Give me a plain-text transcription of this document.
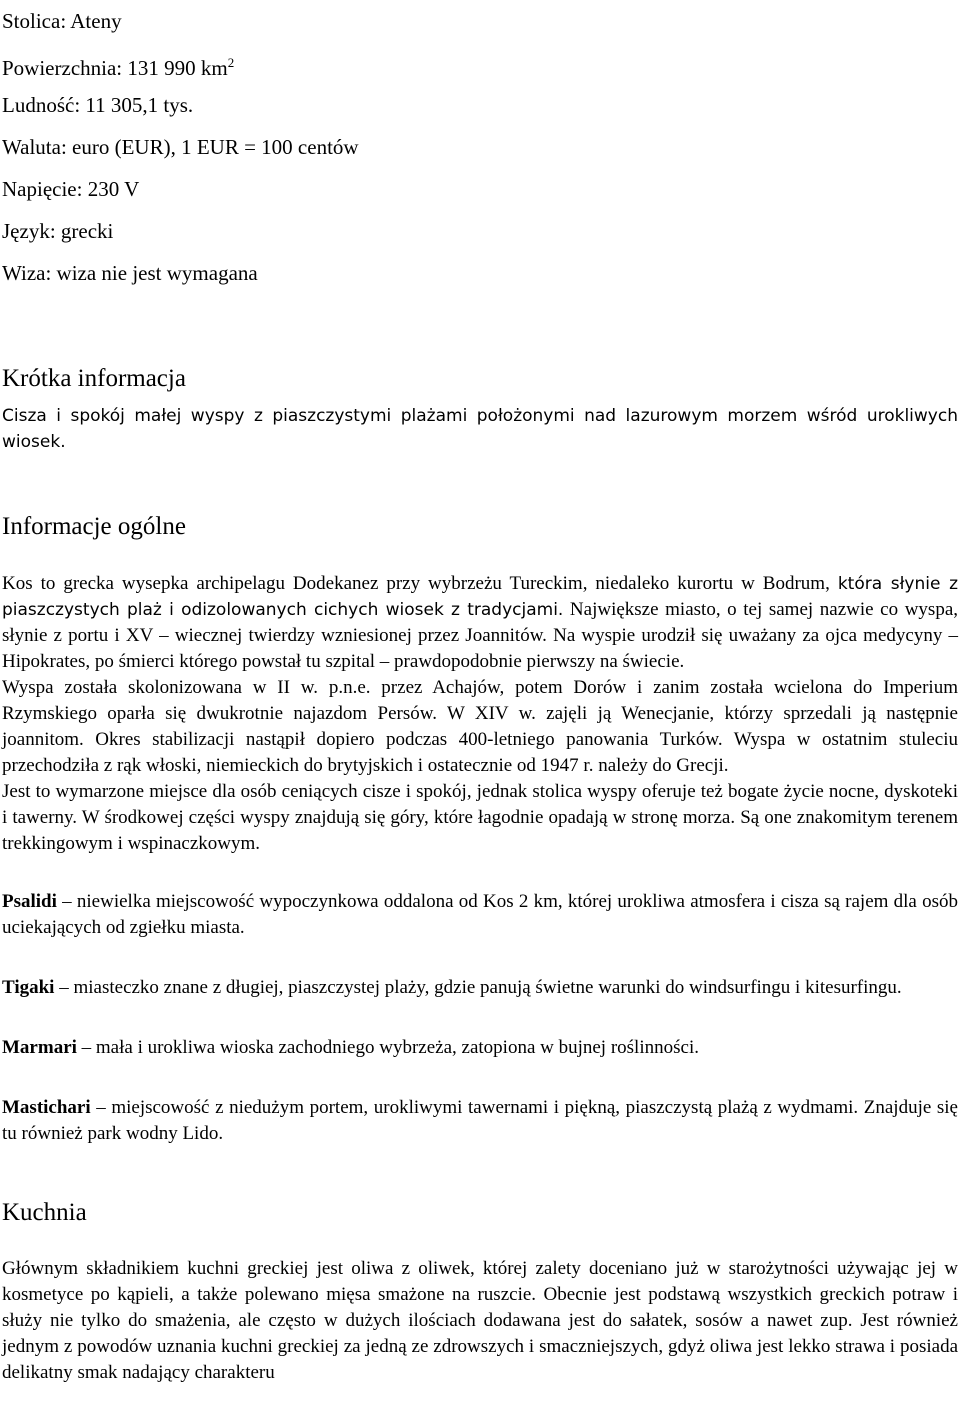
Stolica: Ateny
Powierzchnia: 131 990 $km^2$
Ludność: 11 305,1 tys.
Waluta: euro (EUR), 1 EUR = 100 centów
Napięcie: 230 V
Język: grecki
Wiza: wiza nie jest wymagana
Krótka informacja

Cisza i spokój małej wyspy z piaszczystymi plażami położonymi nad lazurowym morzem wśród urokliwych wiosek.

Informacje ogólne

Kos to grecka wysepka archipelagu Dodekanez przy wybrzeżu Tureckim, niedaleko kurortu w Bodrum, która słynie z piaszczystych plaż i odizolowanych cichych wiosek z tradycjami. Największe miasto, o tej samej nazwie co wyspa, słynie z portu i XV – wiecznej twierdzy wzniesionej przez Joannitów. Na wyspie urodził się uważany za ojca medycyny – Hipokrates, po śmierci którego powstał tu szpital – prawdopodobnie pierwszy na świecie.

Wyspa została skolonizowana w II w. p.n.e. przez Achajów, potem Dorów i zanim została wcielona do Imperium Rzymskiego oparła się dwukrotnie najazdom Persów. W XIV w. zajęli ją Wenecjanie, którzy sprzedali ją następnie joannitom. Okres stabilizacji nastąpił dopiero podczas 400-letniego panowania Turków. Wyspa w ostatnim stuleciu przechodziła z rąk włoski, niemieckich do brytyjskich i ostatecznie od 1947 r. należy do Grecji.

Jest to wymarzone miejsce dla osób ceniących cisze i spokój, jednak stolica wyspy oferuje też bogate życie nocne, dyskoteki i tawerny. W środkowej części wyspy znajdują się góry, które łagodnie opadają w stronę morza. Są one znakomitym terenem trekkingowym i wspinaczkowym.

Psalidi – niewielka miejscowość wypoczynkowa oddalona od Kos 2 km, której urokliwa atmosfera i cisza są rajem dla osób uciekających od zgiełku miasta.

Tigaki – miasteczko znane z długiej, piaszczystej plaży, gdzie panują świetne warunki do windsurfingu i kitesurfingu.

Marmari – mała i urokliwa wioska zachodniego wybrzeża, zatopiona w bujnej roślinności.

Mastichari – miejscowość z niedużym portem, urokliwymi tawernami i piękną, piaszczystą plażą z wydmami. Znajduje się tu również park wodny Lido.

Kuchnia

Głównym składnikiem kuchni greckiej jest oliwa z oliwek, której zalety doceniano już w starożytności używając jej w kosmetyce po kąpieli, a także polewano mięsa smażone na ruszcie. Obecnie jest podstawą wszystkich greckich potraw i służy nie tylko do smażenia, ale często w dużych ilościach dodawana jest do sałatek, sosów a nawet zup. Jest również jednym z powodów uznania kuchni greckiej za jedną ze zdrowszych i smaczniejszych, gdyż oliwa jest lekko strawa i posiada delikatny smak nadający charakteru
